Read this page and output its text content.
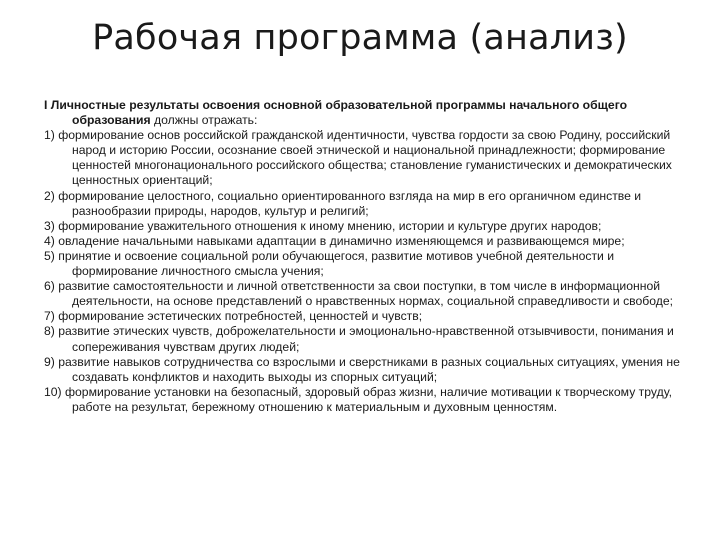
Рабочая программа (анализ)

I Личностные результаты освоения основной образовательной программы начального общего образования должны отражать:

1) формирование основ российской гражданской идентичности, чувства гордости за свою Родину, российский народ и историю России, осознание своей этнической и национальной принадлежности; формирование ценностей многонационального российского общества; становление гуманистических и демократических ценностных ориентаций;

2) формирование целостного, социально ориентированного взгляда на мир в его органичном единстве и разнообразии природы, народов, культур и религий;

3) формирование уважительного отношения к иному мнению, истории и культуре других народов;

4) овладение начальными навыками адаптации в динамично изменяющемся и развивающемся мире;

5) принятие и освоение социальной роли обучающегося, развитие мотивов учебной деятельности и формирование личностного смысла учения;

6) развитие самостоятельности и личной ответственности за свои поступки, в том числе в информационной деятельности, на основе представлений о нравственных нормах, социальной справедливости и свободе;

7) формирование эстетических потребностей, ценностей и чувств;

8) развитие этических чувств, доброжелательности и эмоционально-нравственной отзывчивости, понимания и сопереживания чувствам других людей;

9) развитие навыков сотрудничества со взрослыми и сверстниками в разных социальных ситуациях, умения не создавать конфликтов и находить выходы из спорных ситуаций;

10) формирование установки на безопасный, здоровый образ жизни, наличие мотивации к творческому труду, работе на результат, бережному отношению к материальным и духовным ценностям.
